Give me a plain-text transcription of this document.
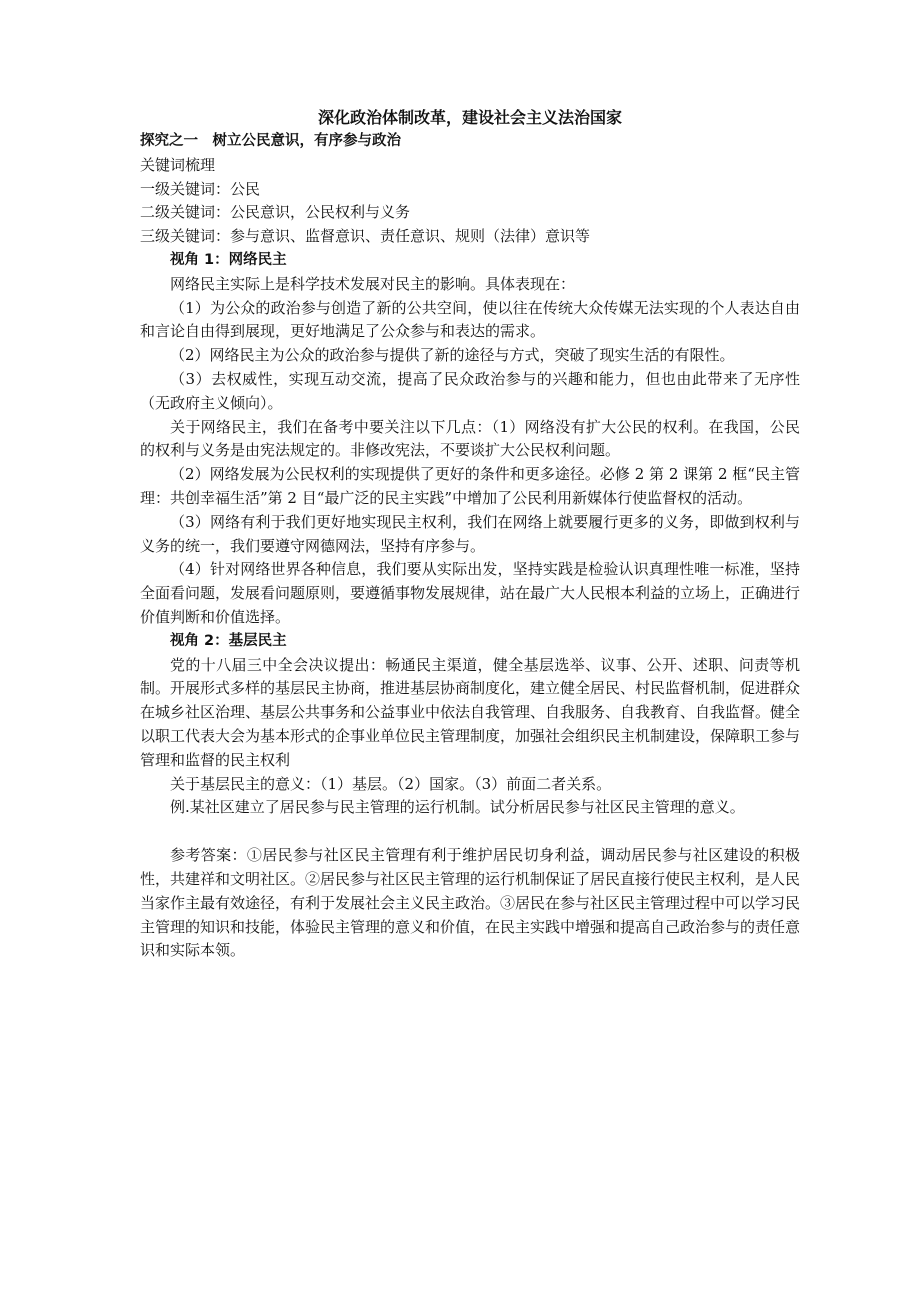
深化政治体制改革，建设社会主义法治国家

探究之一　树立公民意识，有序参与政治

关键词梳理

一级关键词：公民

二级关键词：公民意识，公民权利与义务

三级关键词：参与意识、监督意识、责任意识、规则（法律）意识等

视角 1：网络民主

网络民主实际上是科学技术发展对民主的影响。具体表现在：

（1）为公众的政治参与创造了新的公共空间，使以往在传统大众传媒无法实现的个人表达自由和言论自由得到展现，更好地满足了公众参与和表达的需求。

（2）网络民主为公众的政治参与提供了新的途径与方式，突破了现实生活的有限性。

（3）去权威性，实现互动交流，提高了民众政治参与的兴趣和能力，但也由此带来了无序性（无政府主义倾向）。

关于网络民主，我们在备考中要关注以下几点：（1）网络没有扩大公民的权利。在我国，公民的权利与义务是由宪法规定的。非修改宪法，不要谈扩大公民权利问题。

（2）网络发展为公民权利的实现提供了更好的条件和更多途径。必修 2 第 2 课第 2 框“民主管理：共创幸福生活”第 2 目“最广泛的民主实践”中增加了公民利用新媒体行使监督权的活动。

（3）网络有利于我们更好地实现民主权利，我们在网络上就要履行更多的义务，即做到权利与义务的统一，我们要遵守网德网法，坚持有序参与。

（4）针对网络世界各种信息，我们要从实际出发，坚持实践是检验认识真理性唯一标准，坚持全面看问题，发展看问题原则，要遵循事物发展规律，站在最广大人民根本利益的立场上，正确进行价值判断和价值选择。

视角 2：基层民主

党的十八届三中全会决议提出：畅通民主渠道，健全基层选举、议事、公开、述职、问责等机制。开展形式多样的基层民主协商，推进基层协商制度化，建立健全居民、村民监督机制，促进群众在城乡社区治理、基层公共事务和公益事业中依法自我管理、自我服务、自我教育、自我监督。健全以职工代表大会为基本形式的企事业单位民主管理制度，加强社会组织民主机制建设，保障职工参与管理和监督的民主权利

关于基层民主的意义：（1）基层。（2）国家。（3）前面二者关系。

例.某社区建立了居民参与民主管理的运行机制。试分析居民参与社区民主管理的意义。

参考答案：①居民参与社区民主管理有利于维护居民切身利益，调动居民参与社区建设的积极性，共建祥和文明社区。②居民参与社区民主管理的运行机制保证了居民直接行使民主权利，是人民当家作主最有效途径，有利于发展社会主义民主政治。③居民在参与社区民主管理过程中可以学习民主管理的知识和技能，体验民主管理的意义和价值，在民主实践中增强和提高自己政治参与的责任意识和实际本领。
